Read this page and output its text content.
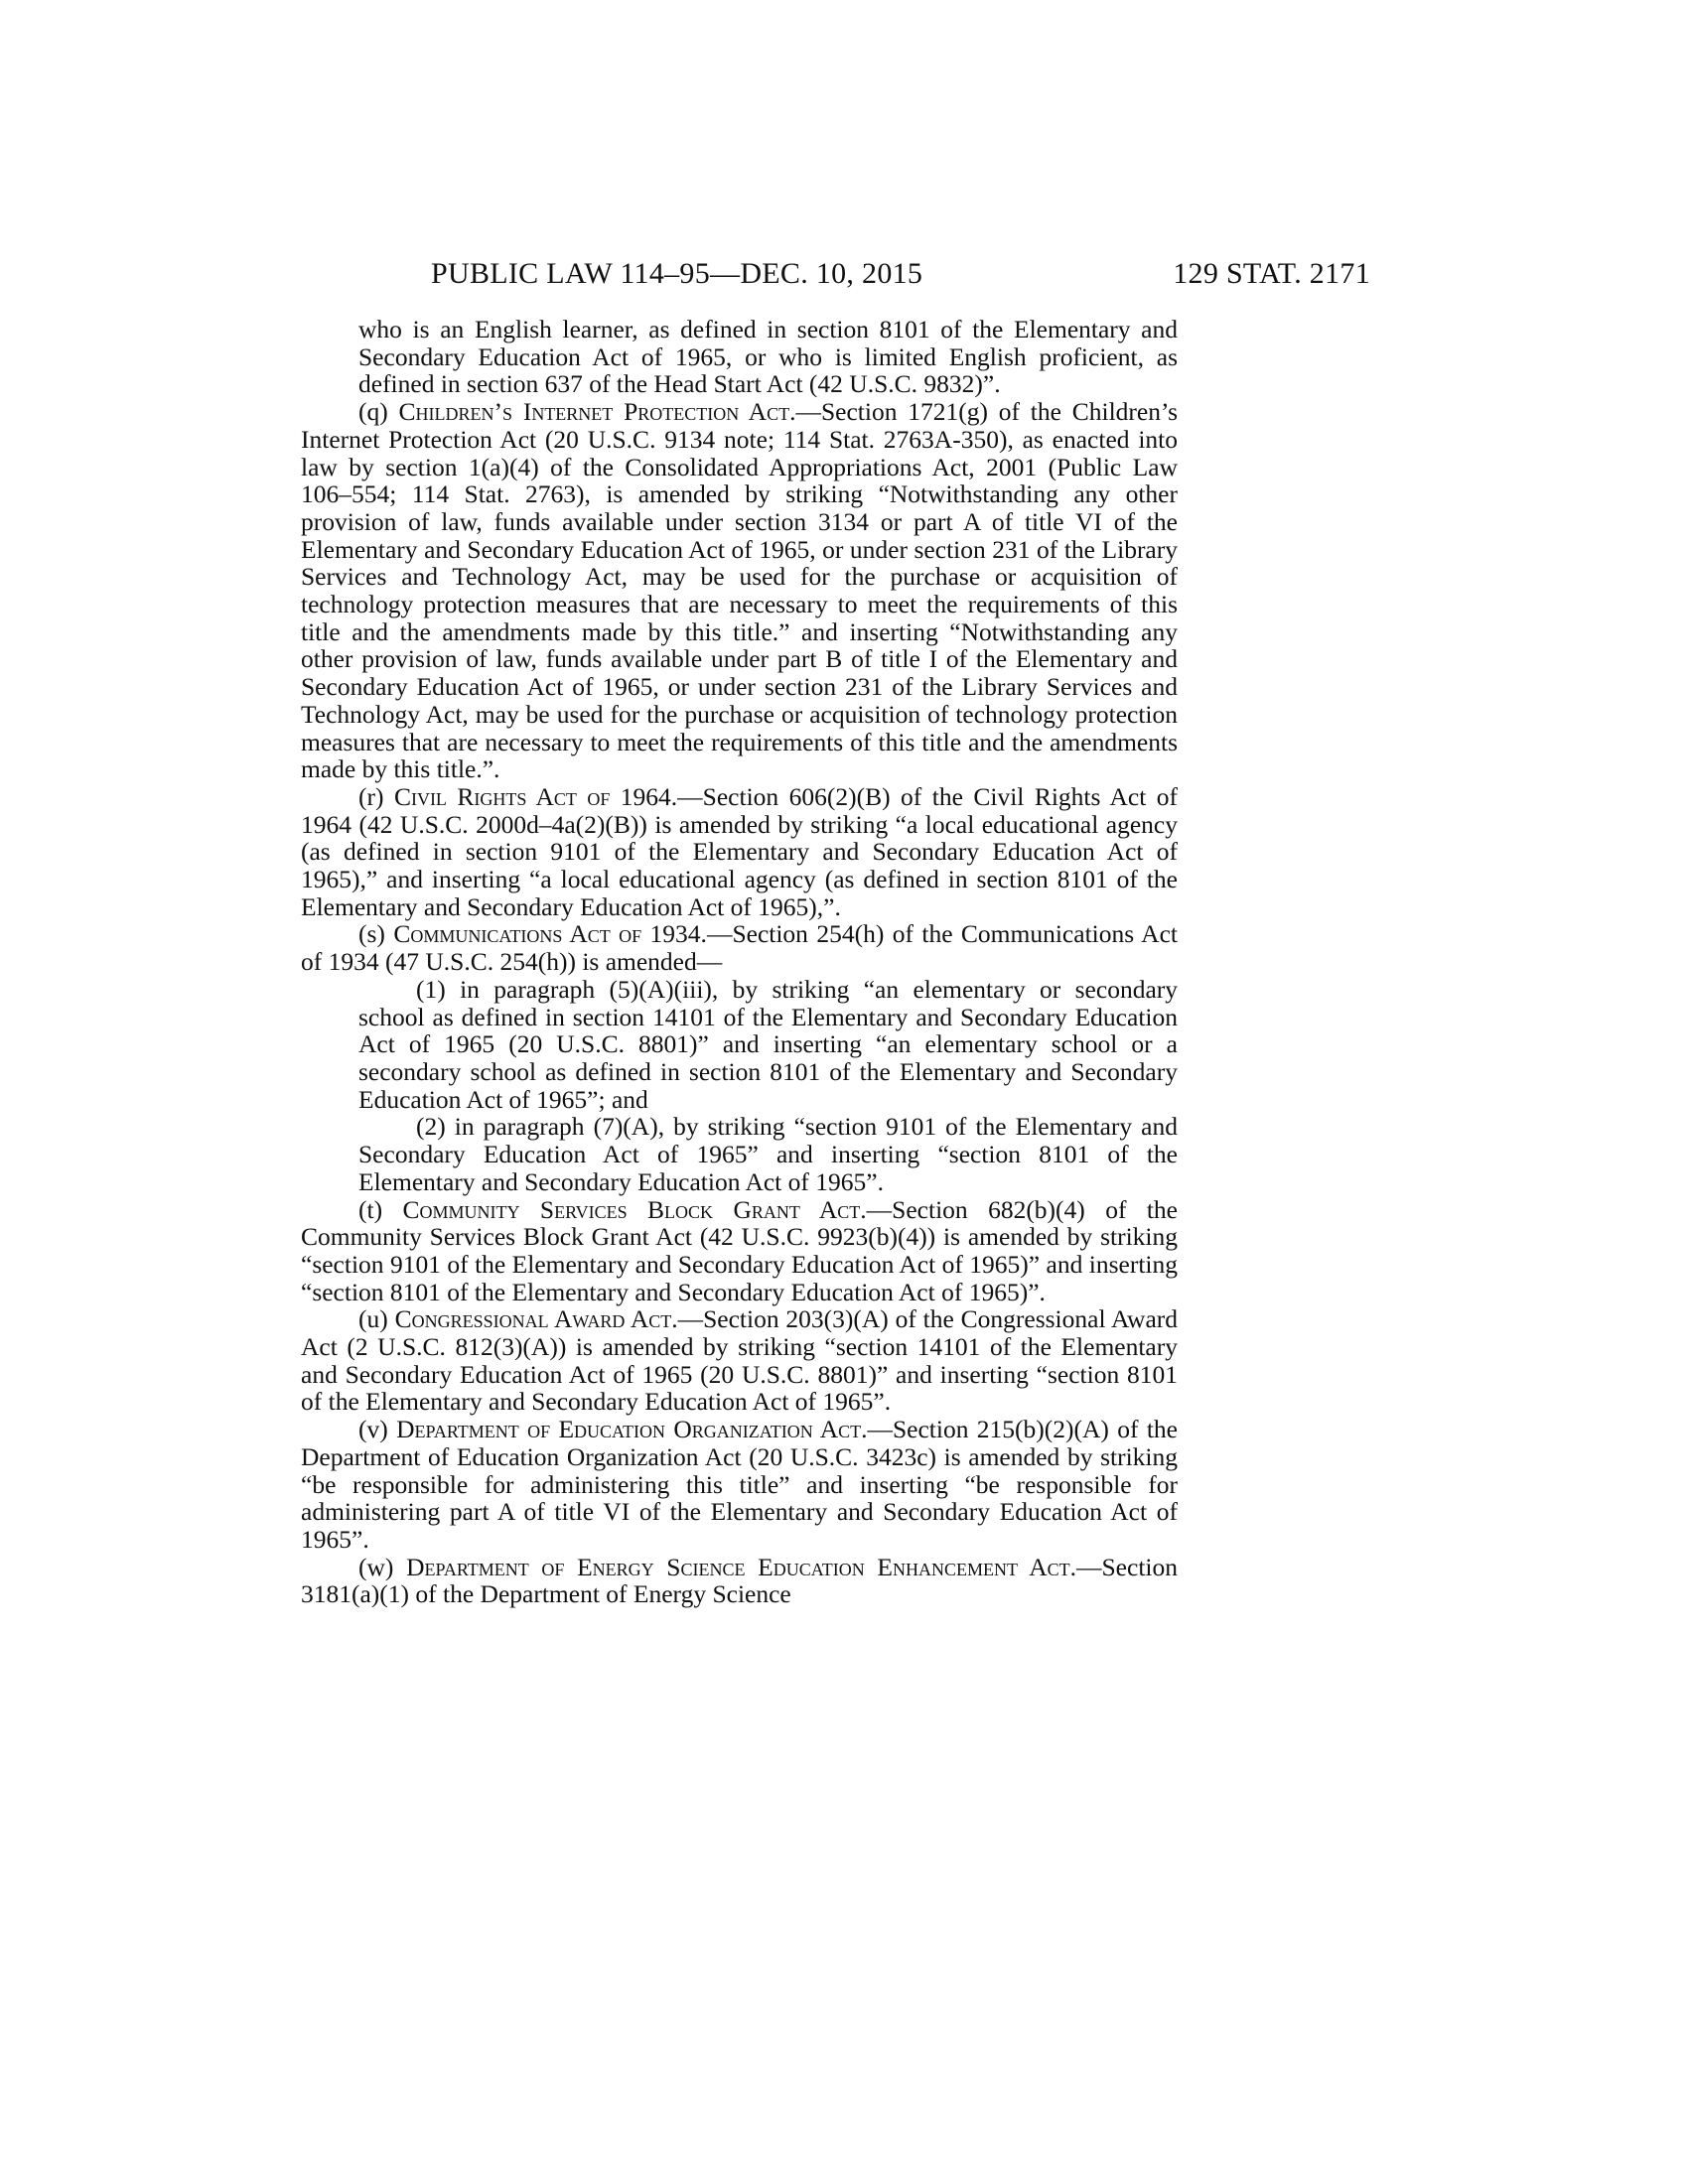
PUBLIC LAW 114–95—DEC. 10, 2015	129 STAT. 2171

who is an English learner, as defined in section 8101 of the Elementary and Secondary Education Act of 1965, or who is limited English proficient, as defined in section 637 of the Head Start Act (42 U.S.C. 9832)”.

(q) Children’s Internet Protection Act.—Section 1721(g) of the Children’s Internet Protection Act (20 U.S.C. 9134 note; 114 Stat. 2763A-350), as enacted into law by section 1(a)(4) of the Consolidated Appropriations Act, 2001 (Public Law 106–554; 114 Stat. 2763), is amended by striking “Notwithstanding any other provision of law, funds available under section 3134 or part A of title VI of the Elementary and Secondary Education Act of 1965, or under section 231 of the Library Services and Technology Act, may be used for the purchase or acquisition of technology protection measures that are necessary to meet the requirements of this title and the amendments made by this title.” and inserting “Notwithstanding any other provision of law, funds available under part B of title I of the Elementary and Secondary Education Act of 1965, or under section 231 of the Library Services and Technology Act, may be used for the purchase or acquisition of technology protection measures that are necessary to meet the requirements of this title and the amendments made by this title.”.

(r) Civil Rights Act of 1964.—Section 606(2)(B) of the Civil Rights Act of 1964 (42 U.S.C. 2000d–4a(2)(B)) is amended by striking “a local educational agency (as defined in section 9101 of the Elementary and Secondary Education Act of 1965),” and inserting “a local educational agency (as defined in section 8101 of the Elementary and Secondary Education Act of 1965),”.

(s) Communications Act of 1934.—Section 254(h) of the Communications Act of 1934 (47 U.S.C. 254(h)) is amended—

(1) in paragraph (5)(A)(iii), by striking “an elementary or secondary school as defined in section 14101 of the Elementary and Secondary Education Act of 1965 (20 U.S.C. 8801)” and inserting “an elementary school or a secondary school as defined in section 8101 of the Elementary and Secondary Education Act of 1965”; and

(2) in paragraph (7)(A), by striking “section 9101 of the Elementary and Secondary Education Act of 1965” and inserting “section 8101 of the Elementary and Secondary Education Act of 1965”.

(t) Community Services Block Grant Act.—Section 682(b)(4) of the Community Services Block Grant Act (42 U.S.C. 9923(b)(4)) is amended by striking “section 9101 of the Elementary and Secondary Education Act of 1965)” and inserting “section 8101 of the Elementary and Secondary Education Act of 1965)”.

(u) Congressional Award Act.—Section 203(3)(A) of the Congressional Award Act (2 U.S.C. 812(3)(A)) is amended by striking “section 14101 of the Elementary and Secondary Education Act of 1965 (20 U.S.C. 8801)” and inserting “section 8101 of the Elementary and Secondary Education Act of 1965”.

(v) Department of Education Organization Act.—Section 215(b)(2)(A) of the Department of Education Organization Act (20 U.S.C. 3423c) is amended by striking “be responsible for administering this title” and inserting “be responsible for administering part A of title VI of the Elementary and Secondary Education Act of 1965”.

(w) Department of Energy Science Education Enhancement Act.—Section 3181(a)(1) of the Department of Energy Science
